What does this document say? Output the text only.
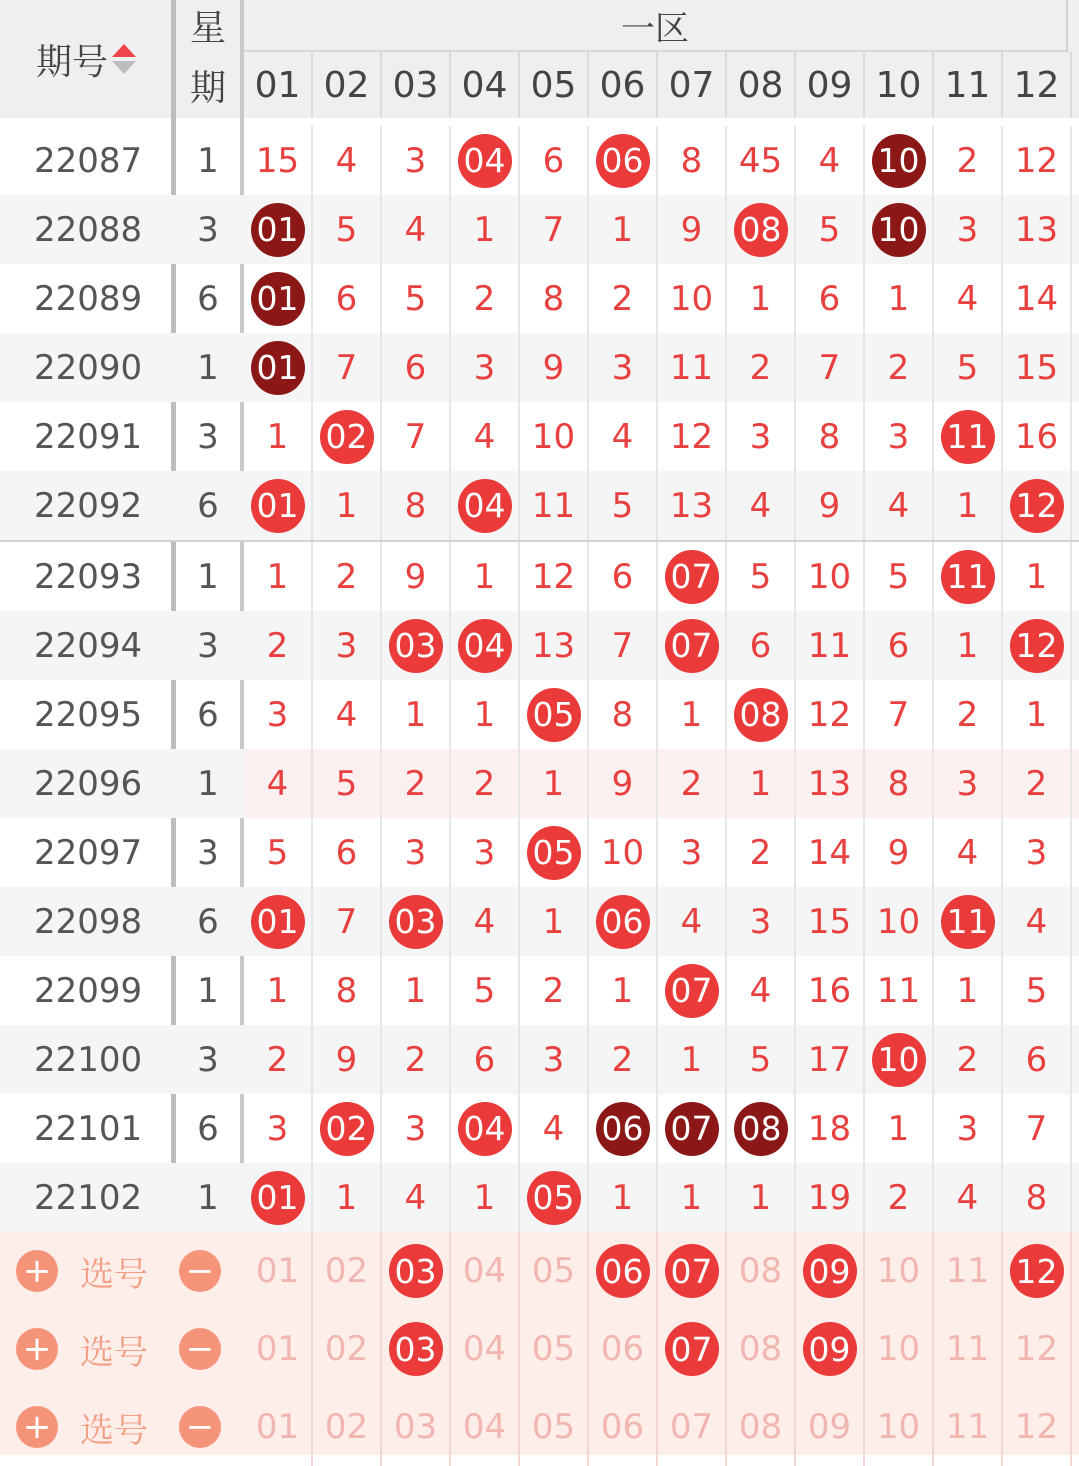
期号
星
期
一区
01 02 03 04 05 06 07 08 09 10 11 12
22087	1	15 4 3 04 6 06 8 45 4 10 2 12
22088	3	01 5 4 1 7 1 9 08 5 10 3 13
22089	6	01 6 5 2 8 2 10 1 6 1 4 14
22090	1	01 7 6 3 9 3 11 2 7 2 5 15
22091	3	1 02 7 4 10 4 12 3 8 3 11 16
22092	6	01 1 8 04 11 5 13 4 9 4 1 12
22093	1	1 2 9 1 12 6 07 5 10 5 11 1
22094	3	2 3 03 04 13 7 07 6 11 6 1 12
22095	6	3 4 1 1 05 8 1 08 12 7 2 1
22096	1	4 5 2 2 1 9 2 1 13 8 3 2
22097	3	5 6 3 3 05 10 3 2 14 9 4 3
22098	6	01 7 03 4 1 06 4 3 15 10 11 4
22099	1	1 8 1 5 2 1 07 4 16 11 1 5
22100	3	2 9 2 6 3 2 1 5 17 10 2 6
22101	6	3 02 3 04 4 06 07 08 18 1 3 7
22102	1	01 1 4 1 05 1 1 1 19 2 4 8
+ 选号 − 01 02 03 04 05 06 07 08 09 10 11 12
+ 选号 − 01 02 03 04 05 06 07 08 09 10 11 12
+ 选号 − 01 02 03 04 05 06 07 08 09 10 11 12
